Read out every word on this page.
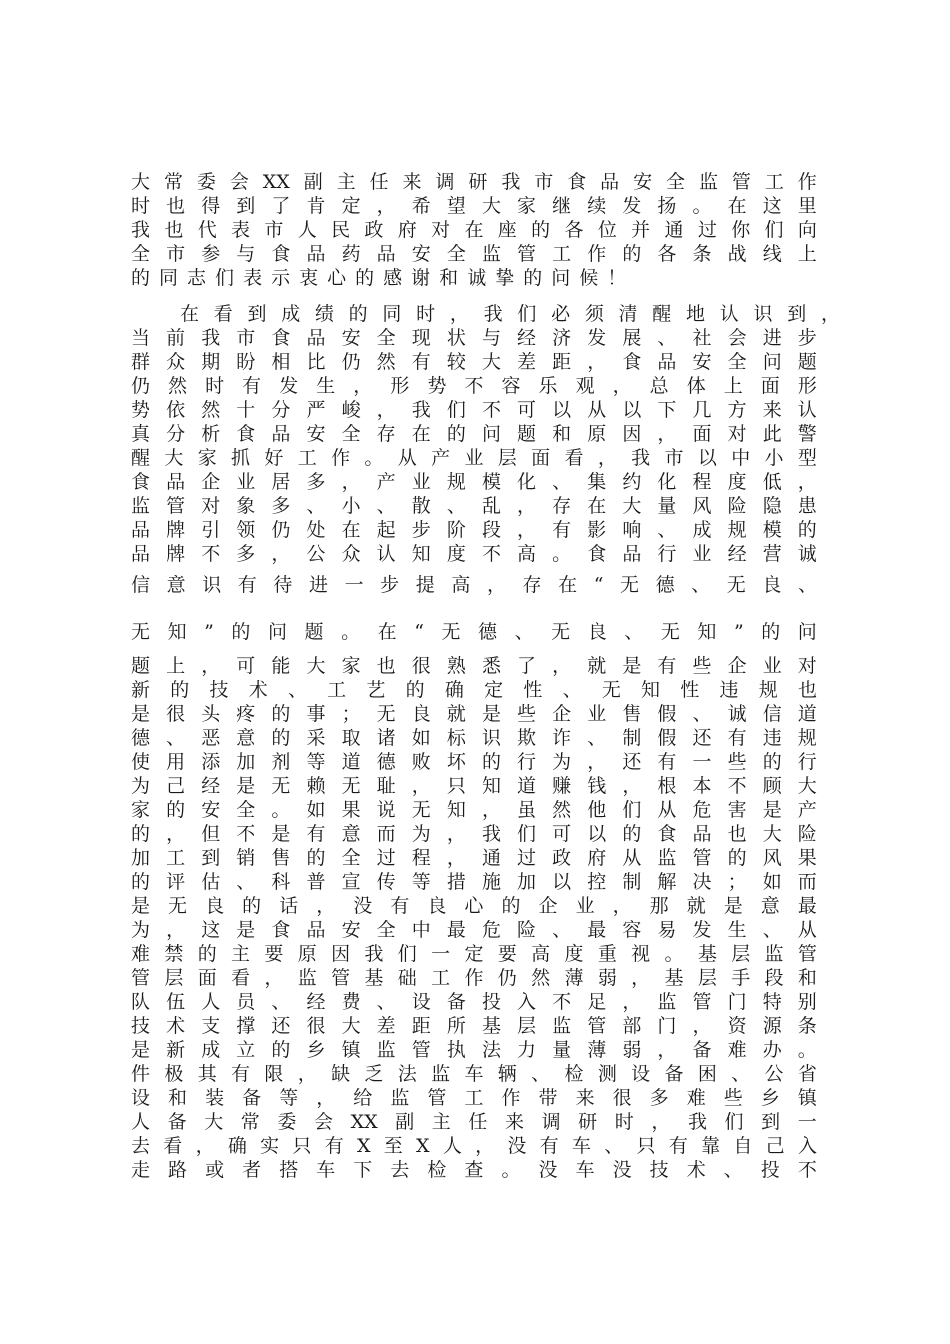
大 常 委 会 XX 副 主 任 来 调 研 我 市 食 品 安 全 监 管 工 作
时 也 得 到 了 肯 定 ， 希 望 大 家 继 续 发 扬 。 在 这 里
我 也 代 表 市 人 民 政 府 对 在 座 的 各 位 并 通 过 你 们 向
全 市 参 与 食 品 药 品 安 全 监 管 工 作 的 各 条 战 线 上
的 同 志 们 表 示 衷 心 的 感 谢 和 诚 挚 的 问 候 ！
在 看 到 成 绩 的 同 时 ， 我 们 必 须 清 醒 地 认 识 到 ，
当 前 我 市 食 品 安 全 现 状 与 经 济 发 展 、 社 会 进 步
群 众 期 盼 相 比 仍 然 有 较 大 差 距 ， 食 品 安 全 问 题
仍 然 时 有 发 生 ， 形 势 不 容 乐 观 ， 总 体 上 面 形
势 依 然 十 分 严 峻 ， 我 们 不 可 以 从 以 下 几 方 来 认
真 分 析 食 品 安 全 存 在 的 问 题 和 原 因 ， 面 对 此 警
醒 大 家 抓 好 工 作 。 从 产 业 层 面 看 ， 我 市 以 中 小 型
食 品 企 业 居 多 ， 产 业 规 模 化 、 集 约 化 程 度 低 ，
监 管 对 象 多 、 小 、 散 、 乱 ， 存 在 大 量 风 险 隐 患
品 牌 引 领 仍 处 在 起 步 阶 段 ， 有 影 响 、 成 规 模 的
品 牌 不 多 ， 公 众 认 知 度 不 高 。 食 品 行 业 经 营 诚
信 意 识 有 待 进 一 步 提 高 ， 存 在 “ 无 德 、 无 良 、
无 知 ” 的 问 题 。 在 “ 无 德 、 无 良 、 无 知 ” 的 问
题 上 ， 可 能 大 家 也 很 熟 悉 了 ， 就 是 有 些 企 业 对
新 的 技 术 、 工 艺 的 确 定 性 、 无 知 性 违 规 也
是 很 头 疼 的 事 ； 无 良 就 是 些 企 业 售 假 、 诚 信 道
德 、 恶 意 的 采 取 诸 如 标 识 欺 诈 、 制 假 还 有 违 规
使 用 添 加 剂 等 道 德 败 坏 的 行 为 ， 还 有 一 些 的 行
为 己 经 是 无 赖 无 耻 ， 只 知 道 赚 钱 ， 根 本 不 顾 大
家 的 安 全 。 如 果 说 无 知 ， 虽 然 他 们 从 危 害 是 产
的 ， 但 不 是 有 意 而 为 ， 我 们 可 以 的 食 品 也 大 险
加 工 到 销 售 的 全 过 程 ， 通 过 政 府 从 监 管 的 风 果
的 评 估 、 科 普 宣 传 等 措 施 加 以 控 制 解 决 ； 如 而
是 无 良 的 话 ， 没 有 良 心 的 企 业 ， 那 就 是 意 最
为 ， 这 是 食 品 安 全 中 最 危 险 、 最 容 易 发 生 、 从
难 禁 的 主 要 原 因 我 们 一 定 要 高 度 重 视 。 基 层 监 管
管 层 面 看 ， 监 管 基 础 工 作 仍 然 薄 弱 ， 基 层 手 段 和
队 伍 人 员 、 经 费 、 设 备 投 入 不 足 ， 监 管 门 特 别
技 术 支 撑 还 很 大 差 距 所 基 层 监 管 部 门 ， 资 源 条
是 新 成 立 的 乡 镇 监 管 执 法 力 量 薄 弱 ， 备 难 办 。
件 极 其 有 限 ， 缺 乏 法 监 车 辆 、 检 测 设 备 困 、 公 省
设 和 装 备 等 ， 给 监 管 工 作 带 来 很 多 难 些 乡 镇
人 备 大 常 委 会 XX 副 主 任 来 调 研 时 ， 我 们 到 一
去 看 ， 确 实 只 有 X 至 X 人 ， 没 有 车 、 只 有 靠 自 己 入
走 路 或 者 搭 车 下 去 检 查 。 没 车 没 技 术 、 投 不
